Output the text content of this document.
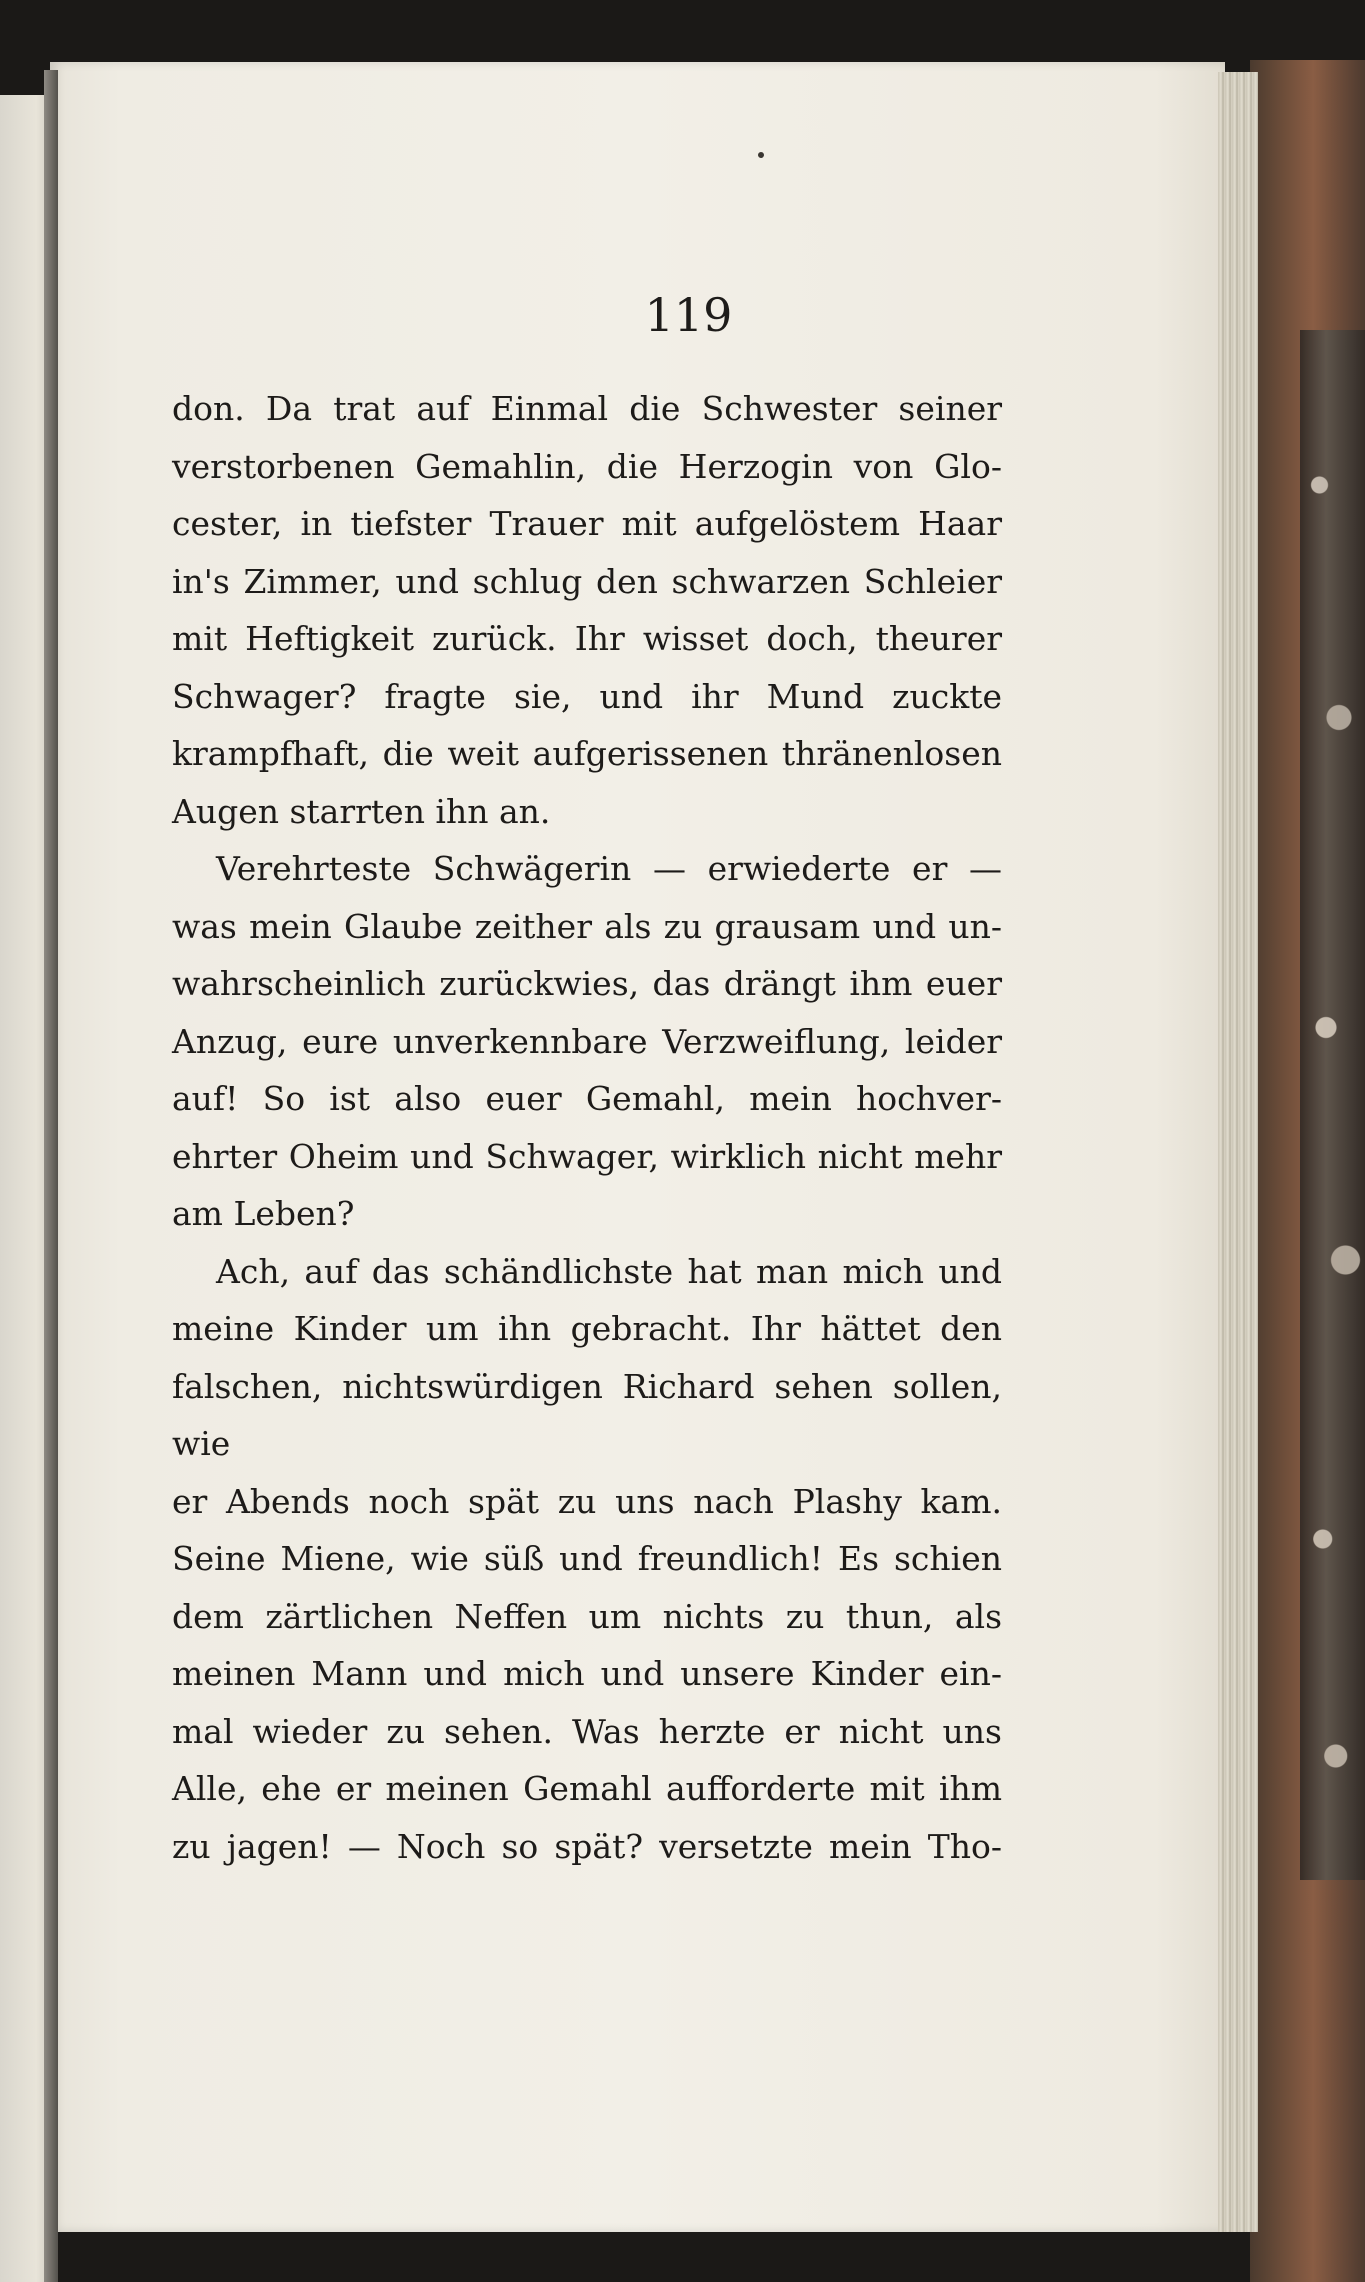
119

don. Da trat auf Einmal die Schwester seiner

verstorbenen Gemahlin, die Herzogin von Glo-

cester, in tiefster Trauer mit aufgelöstem Haar

in's Zimmer, und schlug den schwarzen Schleier

mit Heftigkeit zurück. Ihr wisset doch, theurer

Schwager? fragte sie, und ihr Mund zuckte

krampfhaft, die weit aufgerissenen thränenlosen

Augen starrten ihn an.

Verehrteste Schwägerin — erwiederte er —

was mein Glaube zeither als zu grausam und un-

wahrscheinlich zurückwies, das drängt ihm euer

Anzug, eure unverkennbare Verzweiflung, leider

auf! So ist also euer Gemahl, mein hochver-

ehrter Oheim und Schwager, wirklich nicht mehr

am Leben?

Ach, auf das schändlichste hat man mich und

meine Kinder um ihn gebracht. Ihr hättet den

falschen, nichtswürdigen Richard sehen sollen, wie

er Abends noch spät zu uns nach Plashy kam.

Seine Miene, wie süß und freundlich! Es schien

dem zärtlichen Neffen um nichts zu thun, als

meinen Mann und mich und unsere Kinder ein-

mal wieder zu sehen. Was herzte er nicht uns

Alle, ehe er meinen Gemahl aufforderte mit ihm

zu jagen! — Noch so spät? versetzte mein Tho-
